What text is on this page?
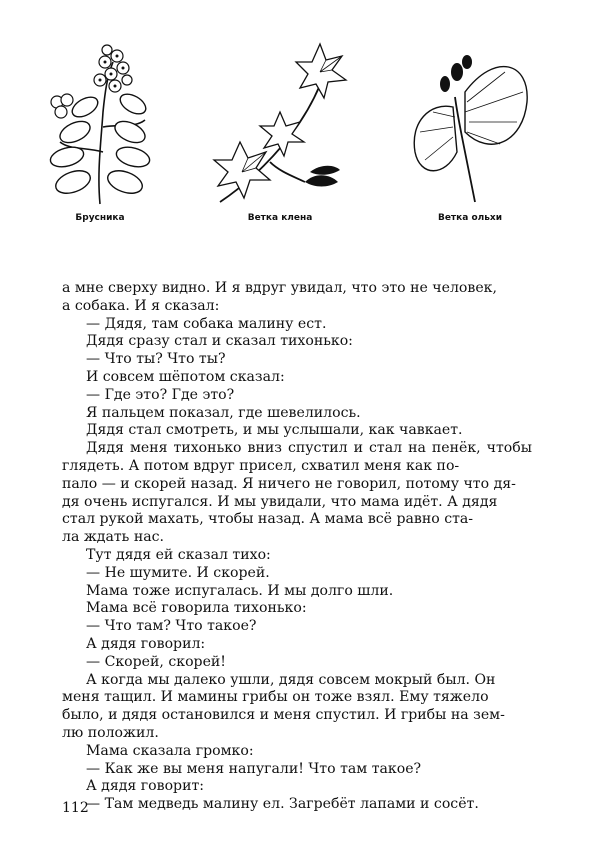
Брусника	Ветка клена	Ветка ольхи

а мне сверху видно. И я вдруг увидал, что это не человек,

а собака. И я сказал:

— Дядя, там собака малину ест.

Дядя сразу стал и сказал тихонько:

— Что ты? Что ты?

И совсем шёпотом сказал:

— Где это? Где это?

Я пальцем показал, где шевелилось.

Дядя стал смотреть, и мы услышали, как чавкает.

Дядя меня тихонько вниз спустил и стал на пенёк, чтобы глядеть. А потом вдруг присел, схватил меня как по-

пало — и скорей назад. Я ничего не говорил, потому что дя-

дя очень испугался. И мы увидали, что мама идёт. А дядя

стал рукой махать, чтобы назад. А мама всё равно ста-

ла ждать нас.

Тут дядя ей сказал тихо:

— Не шумите. И скорей.

Мама тоже испугалась. И мы долго шли.

Мама всё говорила тихонько:

— Что там? Что такое?

А дядя говорил:

— Скорей, скорей!

А когда мы далеко ушли, дядя совсем мокрый был. Он

меня тащил. И мамины грибы он тоже взял. Ему тяжело

было, и дядя остановился и меня спустил. И грибы на зем-

лю положил.

Мама сказала громко:

— Как же вы меня напугали! Что там такое?

А дядя говорит:

— Там медведь малину ел. Загребёт лапами и сосёт.

112
